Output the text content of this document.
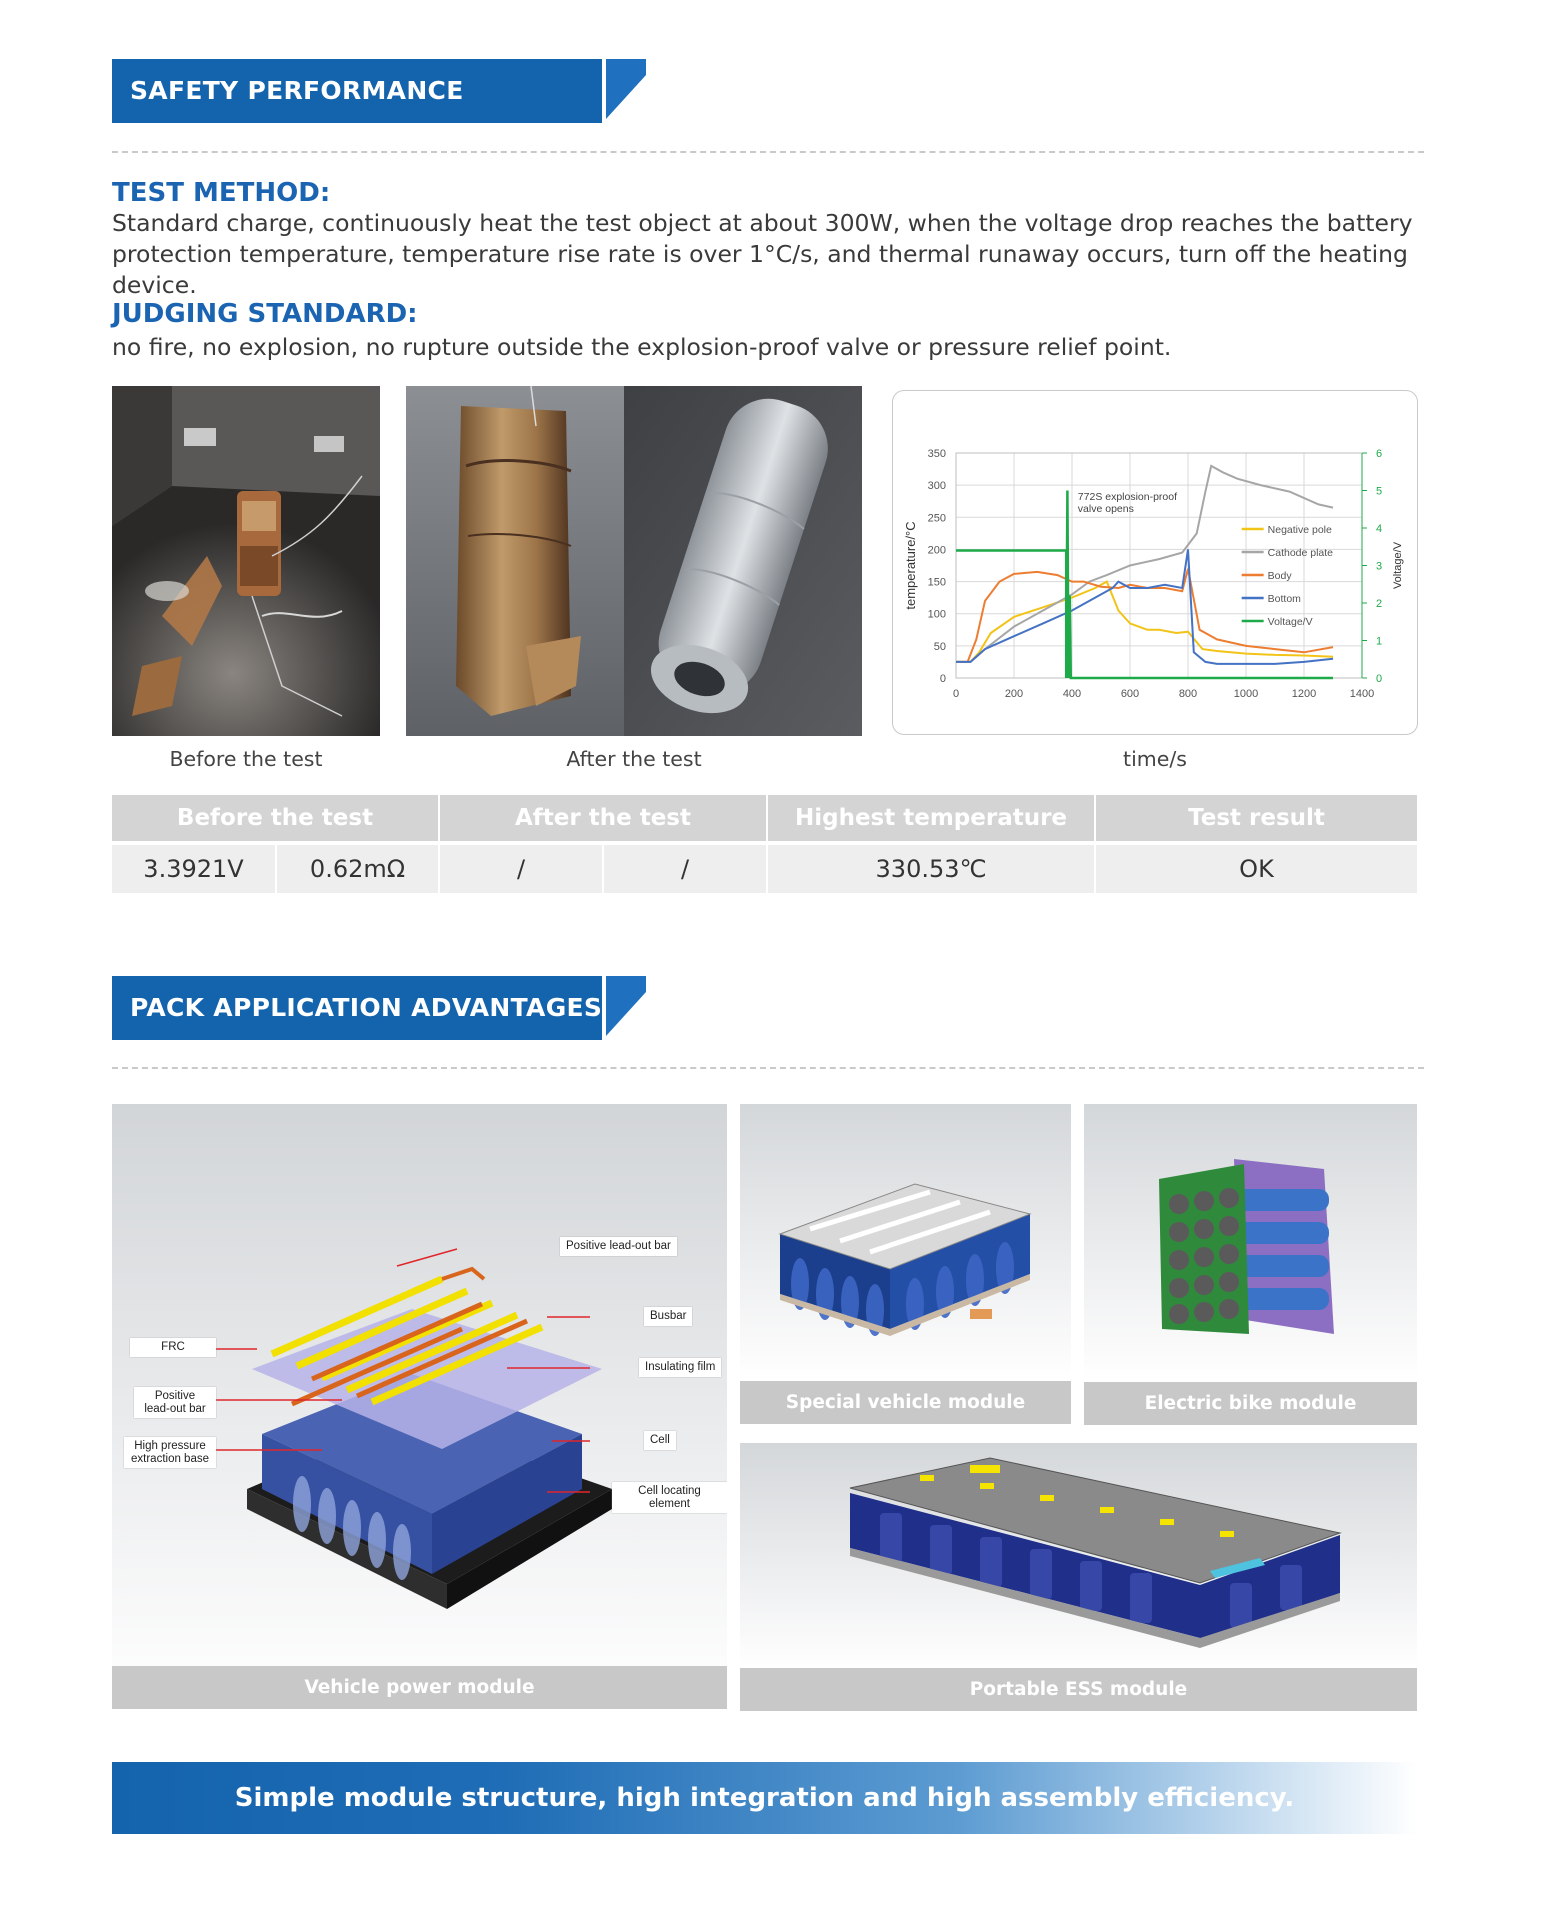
SAFETY PERFORMANCE
TEST METHOD:
Standard charge, continuously heat the test object at about 300W, when the voltage drop reaches the battery protection temperature, temperature rise rate is over 1°C/s, and thermal runaway occurs, turn off the heating device.
JUDGING STANDARD:
no fire, no explosion, no rupture outside the explosion-proof valve or pressure relief point.
0	200	400	600	800	1000	1200	1400
0
50
100
150
200
250
300
350
0
1
2
3
4
5
6
temperature/°C	Voltage/V
772S explosion-proof
valve opens
Negative pole
Cathode plate
Body
Bottom
Voltage/V
Before the test	After the test	time/s
Before the test	After the test	Highest temperature	Test result
3.3921V	0.62mΩ	/	/	330.53℃	OK
PACK APPLICATION ADVANTAGES
Positive lead-out bar
Busbar
Insulating film
Cell
Cell locating element
FRC
Positive
lead-out bar
High pressure
extraction base
Vehicle power module
Special vehicle module	Electric bike module
Portable ESS module
Simple module structure, high integration and high assembly efficiency.
